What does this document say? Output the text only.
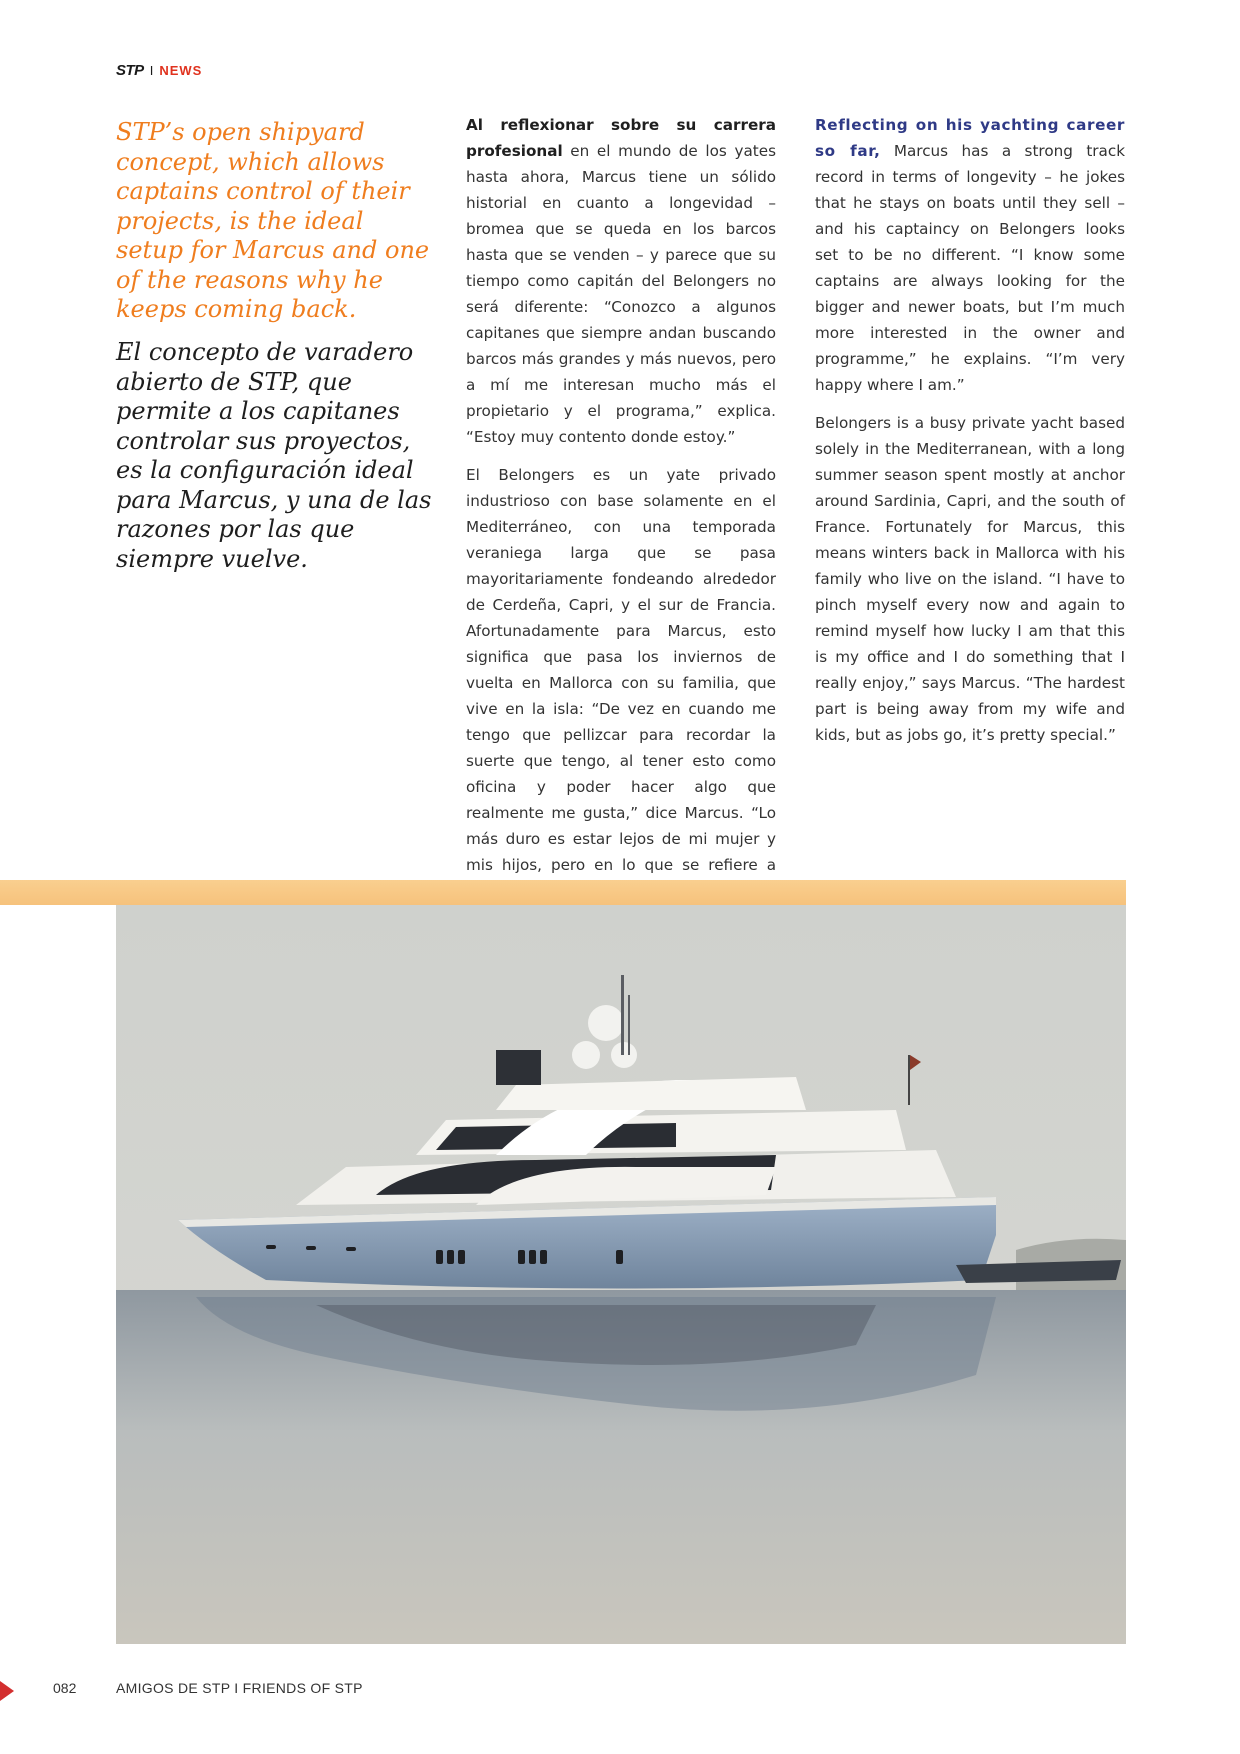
STP I NEWS

STP’s open shipyard concept, which allows captains control of their projects, is the ideal setup for Marcus and one of the reasons why he keeps coming back.

El concepto de varadero abierto de STP, que permite a los capitanes controlar sus proyectos, es la configuración ideal para Marcus, y una de las razones por las que siempre vuelve.

Al reflexionar sobre su carrera profesional en el mundo de los yates hasta ahora, Marcus tiene un sólido historial en cuanto a longevidad – bromea que se queda en los barcos hasta que se venden – y parece que su tiempo como capitán del Belongers no será diferente: “Conozco a algunos capitanes que siempre andan buscando barcos más grandes y más nuevos, pero a mí me interesan mucho más el propietario y el programa,” explica. “Estoy muy contento donde estoy.”

El Belongers es un yate privado industrioso con base solamente en el Mediterráneo, con una temporada veraniega larga que se pasa mayoritariamente fondeando alrededor de Cerdeña, Capri, y el sur de Francia. Afortunadamente para Marcus, esto significa que pasa los inviernos de vuelta en Mallorca con su familia, que vive en la isla: “De vez en cuando me tengo que pellizcar para recordar la suerte que tengo, al tener esto como oficina y poder hacer algo que realmente me gusta,” dice Marcus. “Lo más duro es estar lejos de mi mujer y mis hijos, pero en lo que se refiere a

Reflecting on his yachting career so far, Marcus has a strong track record in terms of longevity – he jokes that he stays on boats until they sell – and his captaincy on Belongers looks set to be no different. “I know some captains are always looking for the bigger and newer boats, but I’m much more interested in the owner and programme,” he explains. “I’m very happy where I am.”

Belongers is a busy private yacht based solely in the Mediterranean, with a long summer season spent mostly at anchor around Sardinia, Capri, and the south of France. Fortunately for Marcus, this means winters back in Mallorca with his family who live on the island. “I have to pinch myself every now and again to remind myself how lucky I am that this is my office and I do something that I really enjoy,” says Marcus. “The hardest part is being away from my wife and kids, but as jobs go, it’s pretty special.”

082	AMIGOS DE STP I FRIENDS OF STP
